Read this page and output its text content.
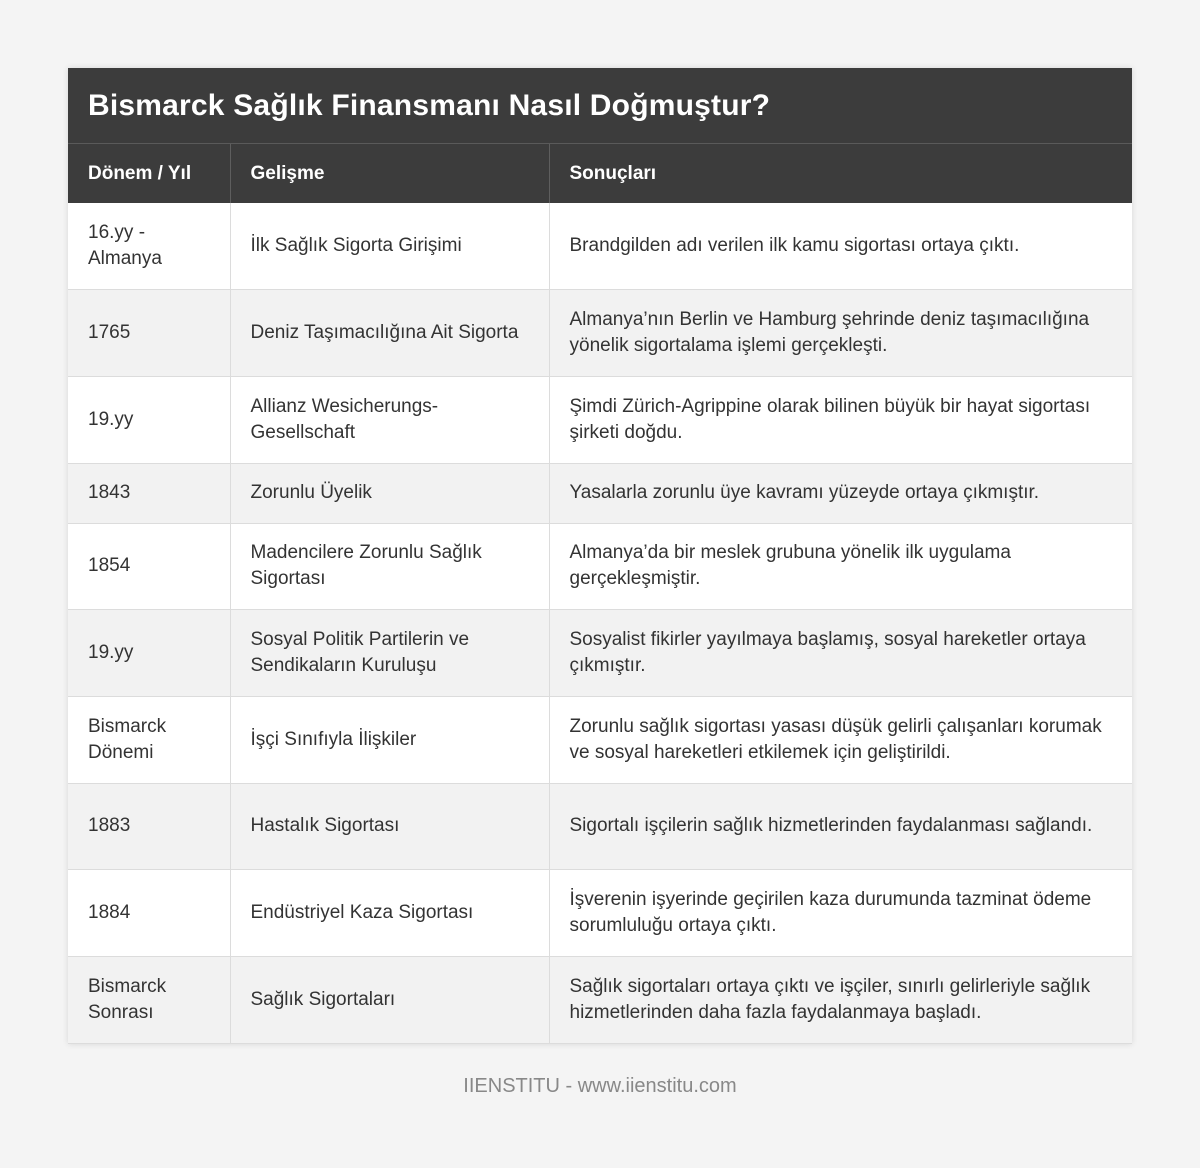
Bismarck Sağlık Finansmanı Nasıl Doğmuştur?
Dönem / Yıl	Gelişme	Sonuçları
16.yy - Almanya	İlk Sağlık Sigorta Girişimi	Brandgilden adı verilen ilk kamu sigortası ortaya çıktı.
1765	Deniz Taşımacılığına Ait Sigorta	Almanya’nın Berlin ve Hamburg şehrinde deniz taşımacılığına yönelik sigortalama işlemi gerçekleşti.
19.yy	Allianz Wesicherungs-Gesellschaft	Şimdi Zürich-Agrippine olarak bilinen büyük bir hayat sigortası şirketi doğdu.
1843	Zorunlu Üyelik	Yasalarla zorunlu üye kavramı yüzeyde ortaya çıkmıştır.
1854	Madencilere Zorunlu Sağlık Sigortası	Almanya’da bir meslek grubuna yönelik ilk uygulama gerçekleşmiştir.
19.yy	Sosyal Politik Partilerin ve Sendikaların Kuruluşu	Sosyalist fikirler yayılmaya başlamış, sosyal hareketler ortaya çıkmıştır.
Bismarck Dönemi	İşçi Sınıfıyla İlişkiler	Zorunlu sağlık sigortası yasası düşük gelirli çalışanları korumak ve sosyal hareketleri etkilemek için geliştirildi.
1883	Hastalık Sigortası	Sigortalı işçilerin sağlık hizmetlerinden faydalanması sağlandı.
1884	Endüstriyel Kaza Sigortası	İşverenin işyerinde geçirilen kaza durumunda tazminat ödeme sorumluluğu ortaya çıktı.
Bismarck Sonrası	Sağlık Sigortaları	Sağlık sigortaları ortaya çıktı ve işçiler, sınırlı gelirleriyle sağlık hizmetlerinden daha fazla faydalanmaya başladı.
IIENSTITU - www.iienstitu.com
